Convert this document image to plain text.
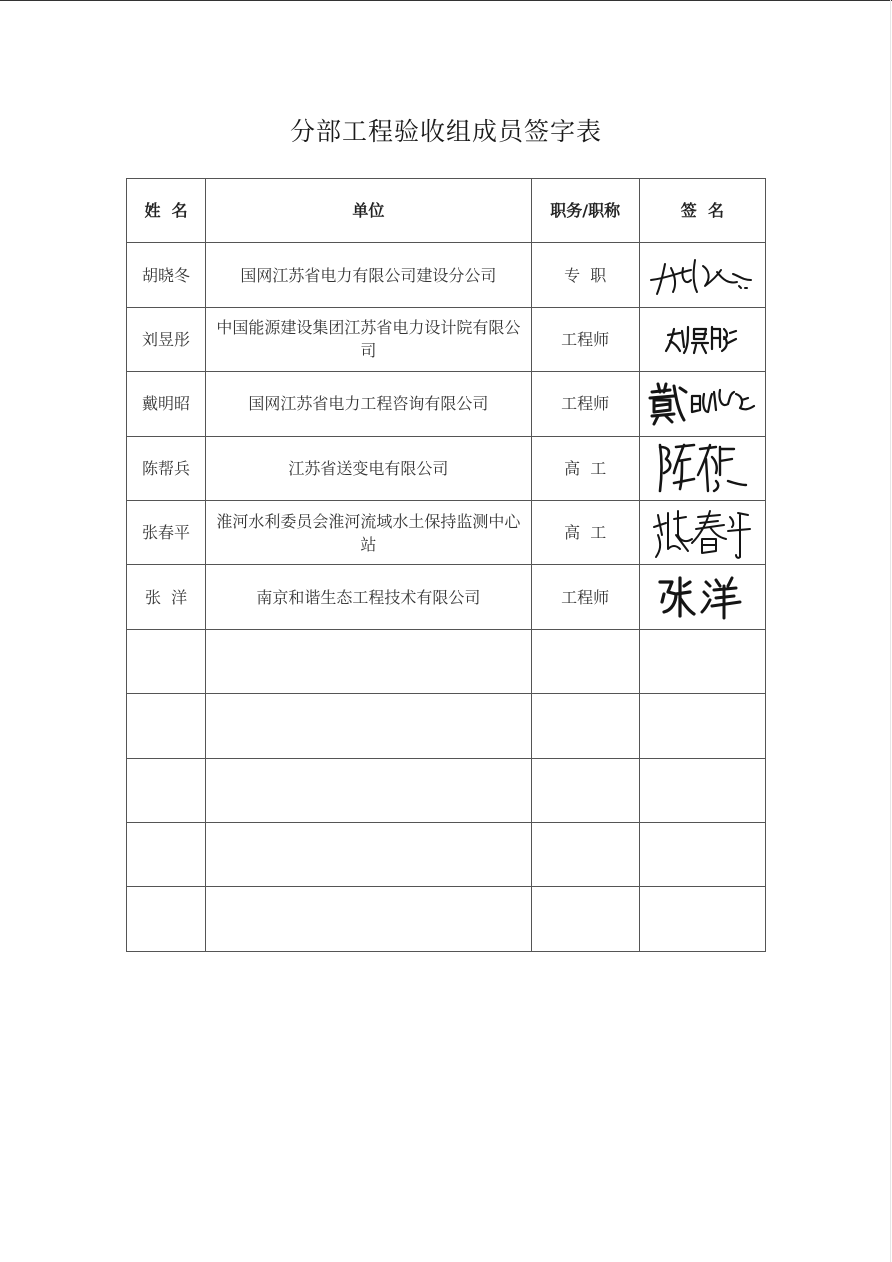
分部工程验收组成员签字表
姓  名	单位	职务/职称	签  名
胡晓冬	国网江苏省电力有限公司建设分公司	专  职	

刘昱彤	中国能源建设集团江苏省电力设计院有限公司	工程师	

戴明昭	国网江苏省电力工程咨询有限公司	工程师	

陈帮兵	江苏省送变电有限公司	高  工	

张春平	淮河水利委员会淮河流域水土保持监测中心站	高  工	

张  洋	南京和谐生态工程技术有限公司	工程师	
